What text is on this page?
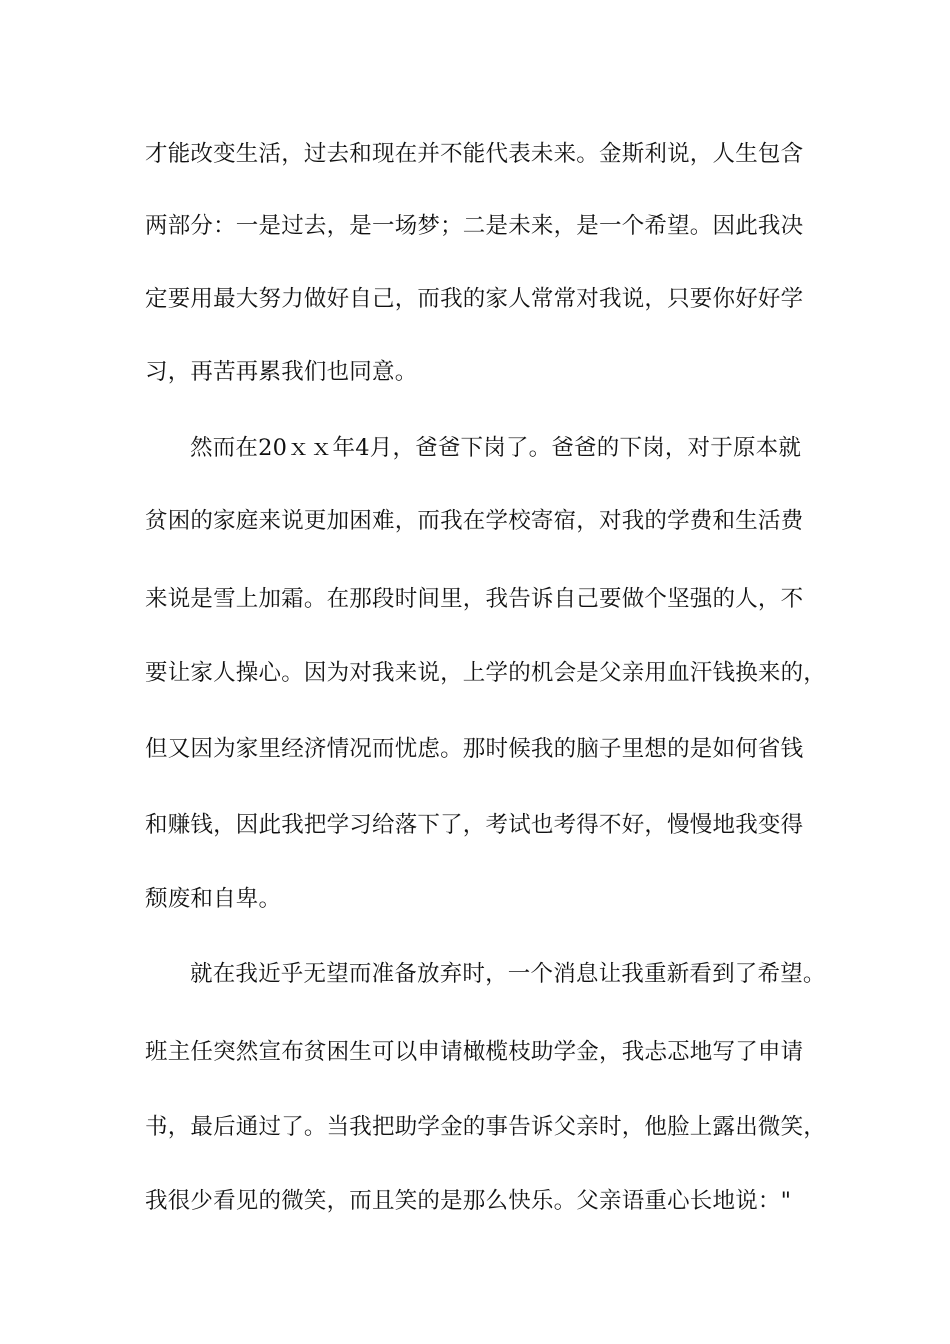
才能改变生活，过去和现在并不能代表未来。金斯利说，人生包含
两部分：一是过去，是一场梦；二是未来，是一个希望。因此我决
定要用最大努力做好自己，而我的家人常常对我说，只要你好好学
习，再苦再累我们也同意。
然而在20ｘｘ年4月，爸爸下岗了。爸爸的下岗，对于原本就
贫困的家庭来说更加困难，而我在学校寄宿，对我的学费和生活费
来说是雪上加霜。在那段时间里，我告诉自己要做个坚强的人，不
要让家人操心。因为对我来说，上学的机会是父亲用血汗钱换来的，
但又因为家里经济情况而忧虑。那时候我的脑子里想的是如何省钱
和赚钱，因此我把学习给落下了，考试也考得不好，慢慢地我变得
颓废和自卑。
就在我近乎无望而准备放弃时，一个消息让我重新看到了希望。
班主任突然宣布贫困生可以申请橄榄枝助学金，我忐忑地写了申请
书，最后通过了。当我把助学金的事告诉父亲时，他脸上露出微笑，
我很少看见的微笑，而且笑的是那么快乐。父亲语重心长地说："
